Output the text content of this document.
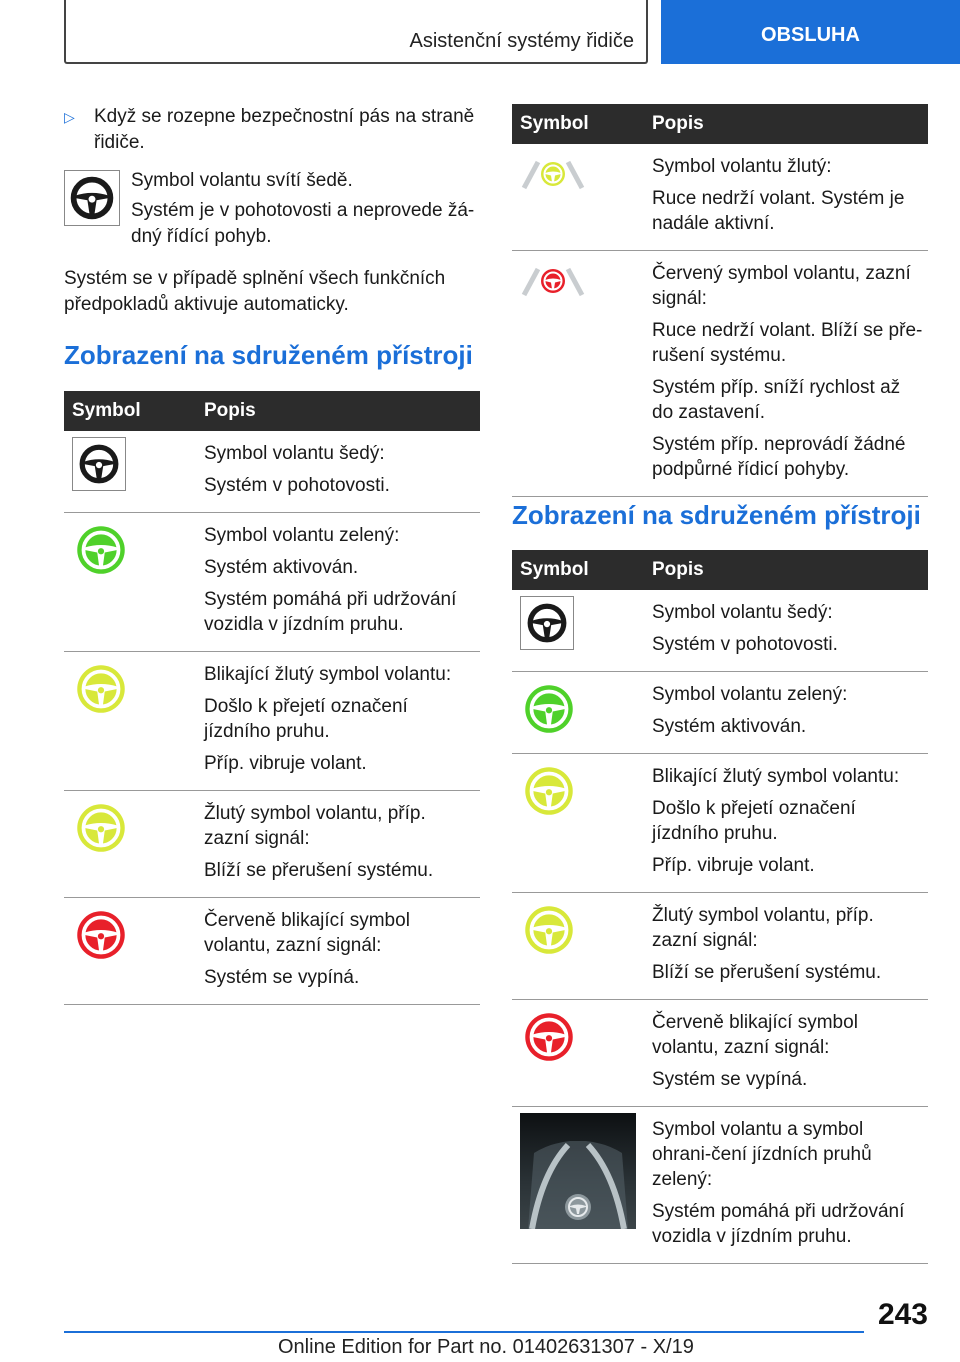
Asistenční systémy řidiče	OBSLUHA
▷	Když se rozepne bezpečnostní pás na straně řidiče.
Symbol volantu svítí šedě.
Systém je v pohotovosti a neprovede žá-dný řídící pohyb.
Systém se v případě splnění všech funkčních předpokladů aktivuje automaticky.
Zobrazení na sdruženém přístroji
Symbol	Popis

Symbol volantu šedý:
Systém v pohotovosti.

Symbol volantu zelený:
Systém aktivován.
Systém pomáhá při udržování vozidla v jízdním pruhu.

Blikající žlutý symbol volantu:
Došlo k přejetí označení jízdního pruhu.
Příp. vibruje volant.

Žlutý symbol volantu, příp. zazní signál:
Blíží se přerušení systému.

Červeně blikající symbol volantu, zazní signál:
Systém se vypíná.
Symbol	Popis

Symbol volantu žlutý:
Ruce nedrží volant. Systém je nadále aktivní.

Červený symbol volantu, zazní signál:
Ruce nedrží volant. Blíží se pře-rušení systému.
Systém příp. sníží rychlost až do zastavení.
Systém příp. neprovádí žádné podpůrné řídicí pohyby.
Zobrazení na sdruženém přístroji
Symbol	Popis

Symbol volantu šedý:
Systém v pohotovosti.

Symbol volantu zelený:
Systém aktivován.

Blikající žlutý symbol volantu:
Došlo k přejetí označení jízdního pruhu.
Příp. vibruje volant.

Žlutý symbol volantu, příp. zazní signál:
Blíží se přerušení systému.

Červeně blikající symbol volantu, zazní signál:
Systém se vypíná.

Symbol volantu a symbol ohrani-čení jízdních pruhů zelený:
Systém pomáhá při udržování vozidla v jízdním pruhu.
243
Online Edition for Part no. 01402631307 - X/19
